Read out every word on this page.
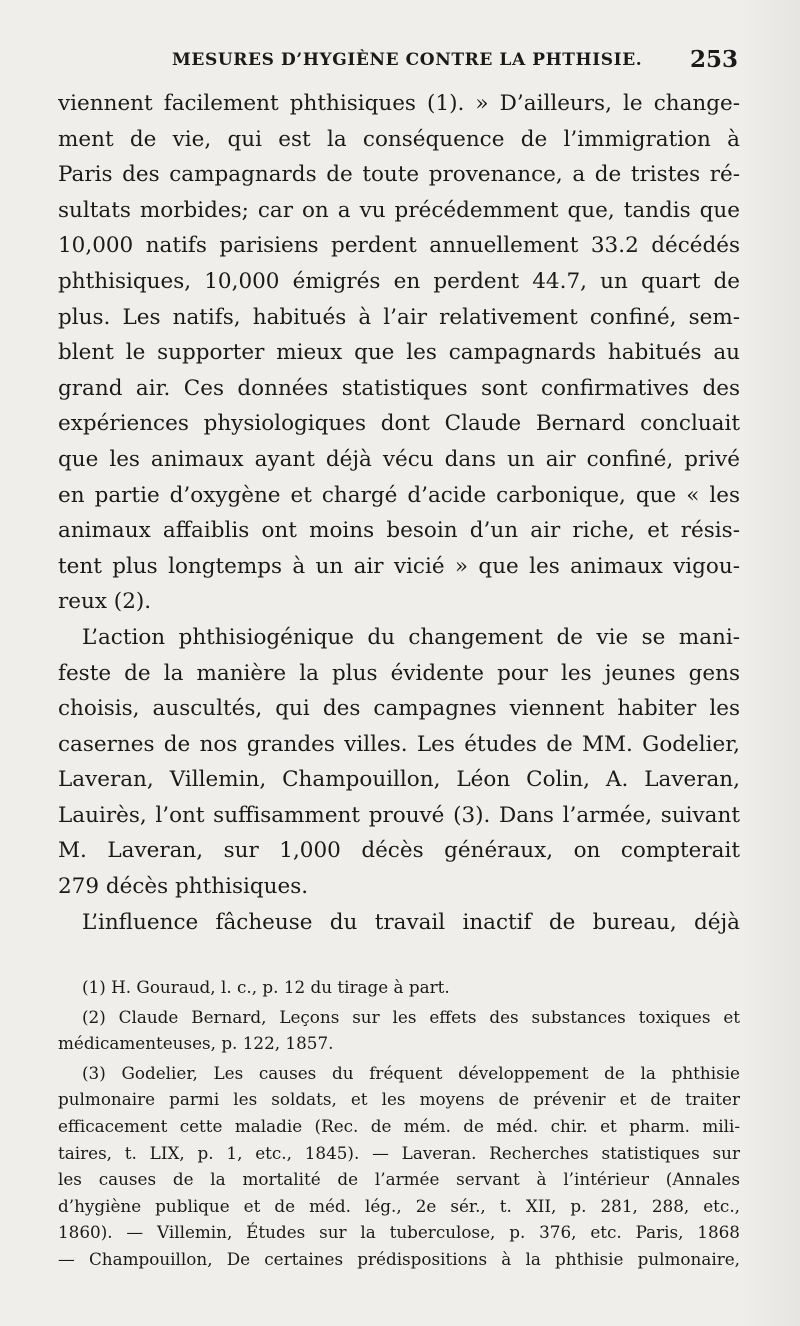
MESURES D’HYGIÈNE CONTRE LA PHTHISIE. 253
viennent facilement phthisiques (1). » D’ailleurs, le change-
ment de vie, qui est la conséquence de l’immigration à
Paris des campagnards de toute provenance, a de tristes ré-
sultats morbides; car on a vu précédemment que, tandis que
10,000 natifs parisiens perdent annuellement 33.2 décédés
phthisiques, 10,000 émigrés en perdent 44.7, un quart de
plus. Les natifs, habitués à l’air relativement confiné, sem-
blent le supporter mieux que les campagnards habitués au
grand air. Ces données statistiques sont confirmatives des
expériences physiologiques dont Claude Bernard concluait
que les animaux ayant déjà vécu dans un air confiné, privé
en partie d’oxygène et chargé d’acide carbonique, que « les
animaux affaiblis ont moins besoin d’un air riche, et résis-
tent plus longtemps à un air vicié » que les animaux vigou-
reux (2).
L’action phthisiogénique du changement de vie se mani-
feste de la manière la plus évidente pour les jeunes gens
choisis, auscultés, qui des campagnes viennent habiter les
casernes de nos grandes villes. Les études de MM. Godelier,
Laveran, Villemin, Champouillon, Léon Colin, A. Laveran,
Lauirès, l’ont suffisamment prouvé (3). Dans l’armée, suivant
M. Laveran, sur 1,000 décès généraux, on compterait
279 décès phthisiques.
L’influence fâcheuse du travail inactif de bureau, déjà
(1) H. Gouraud, l. c., p. 12 du tirage à part.
(2) Claude Bernard, Leçons sur les effets des substances toxiques et
médicamenteuses, p. 122, 1857.
(3) Godelier, Les causes du fréquent développement de la phthisie
pulmonaire parmi les soldats, et les moyens de prévenir et de traiter
efficacement cette maladie (Rec. de mém. de méd. chir. et pharm. mili-
taires, t. LIX, p. 1, etc., 1845). — Laveran. Recherches statistiques sur
les causes de la mortalité de l’armée servant à l’intérieur (Annales
d’hygiène publique et de méd. lég., 2e sér., t. XII, p. 281, 288, etc.,
1860). — Villemin, Études sur la tuberculose, p. 376, etc. Paris, 1868
— Champouillon, De certaines prédispositions à la phthisie pulmonaire,
